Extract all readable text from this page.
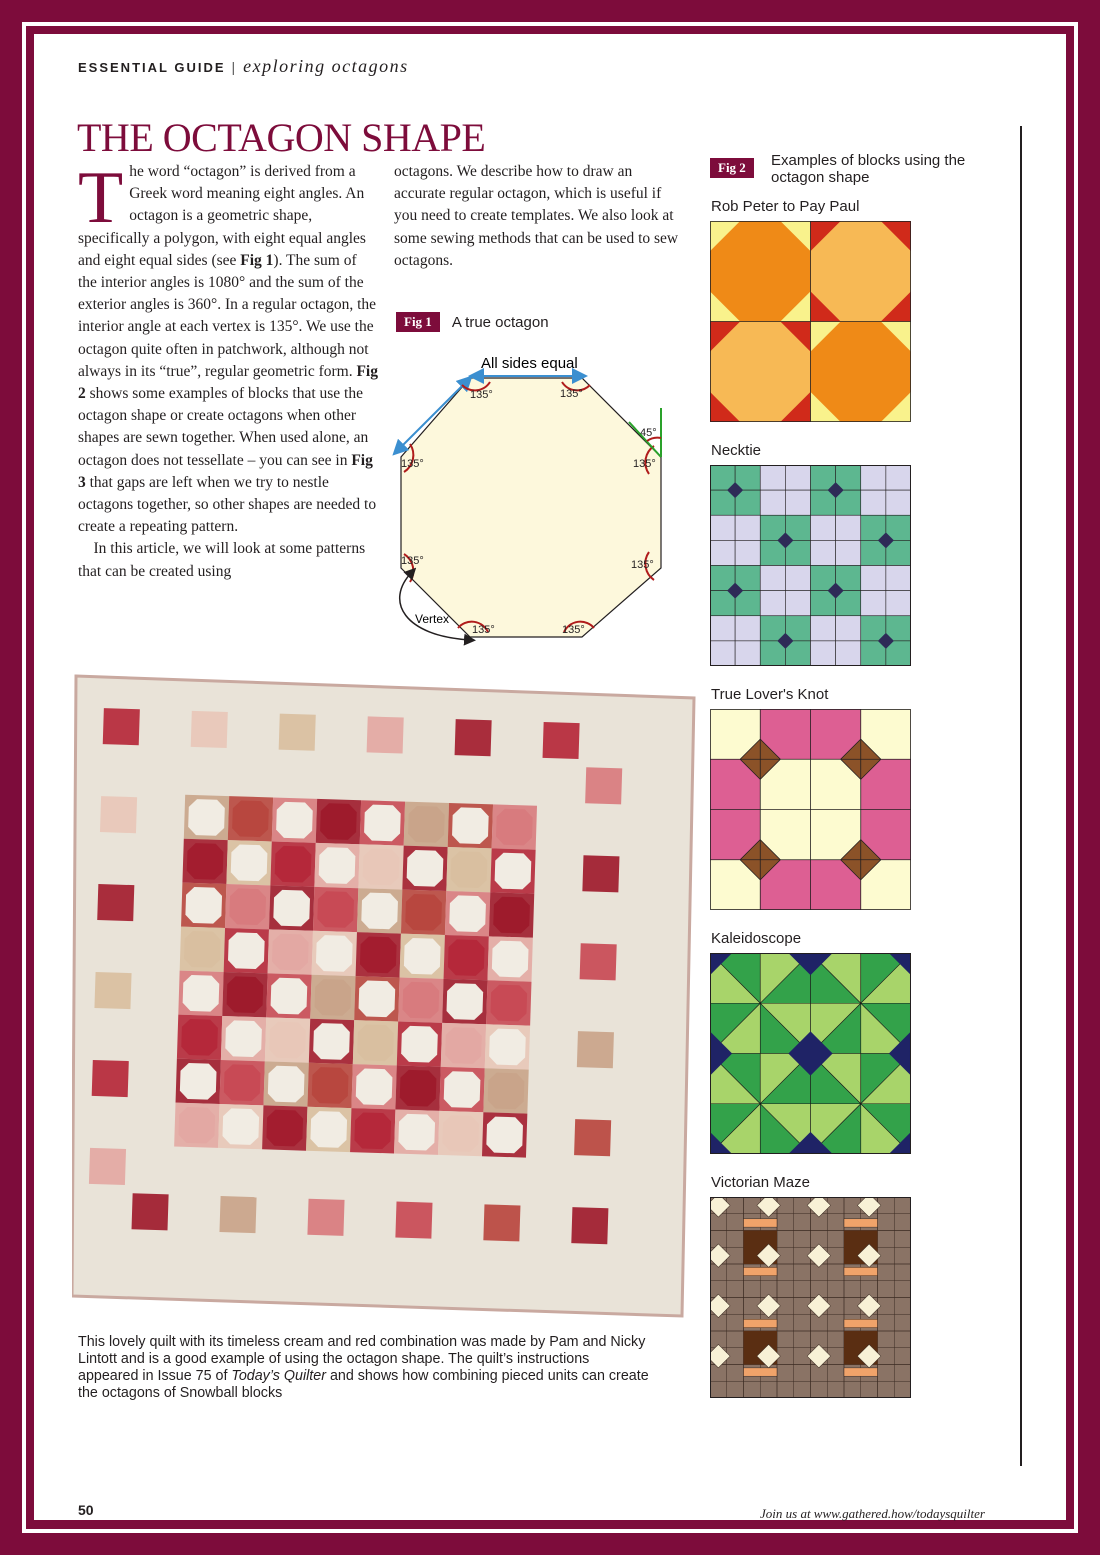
ESSENTIAL GUIDE | exploring octagons
THE OCTAGON SHAPE
The word “octagon” is derived from a Greek word meaning eight angles. An octagon is a geometric shape, specifically a polygon, with eight equal angles and eight equal sides (see Fig 1). The sum of the interior angles is 1080° and the sum of the exterior angles is 360°. In a regular octagon, the interior angle at each vertex is 135°. We use the octagon quite often in patchwork, although not always in its “true”, regular geometric form. Fig 2 shows some examples of blocks that use the octagon shape or create octagons when other shapes are sewn together. When used alone, an octagon does not tessellate – you can see in Fig 3 that gaps are left when we try to nestle octagons together, so other shapes are needed to create a repeating pattern.
In this article, we will look at some patterns that can be created using
octagons. We describe how to draw an accurate regular octagon, which is useful if you need to create templates. We also look at some sewing methods that can be used to sew octagons.
Fig 1 A true octagon
All sides equal
135°	135°
135°
135°
135°
135°
135°
135°
45°
Vertex
Fig 2	Examples of blocks using the octagon shape
Rob Peter to Pay Paul
Necktie
True Lover's Knot
Kaleidoscope
Victorian Maze
This lovely quilt with its timeless cream and red combination was made by Pam and Nicky Lintott and is a good example of using the octagon shape. The quilt’s instructions appeared in Issue 75 of Today’s Quilter and shows how combining pieced units can create the octagons of Snowball blocks
50	Join us at www.gathered.how/todaysquilter
